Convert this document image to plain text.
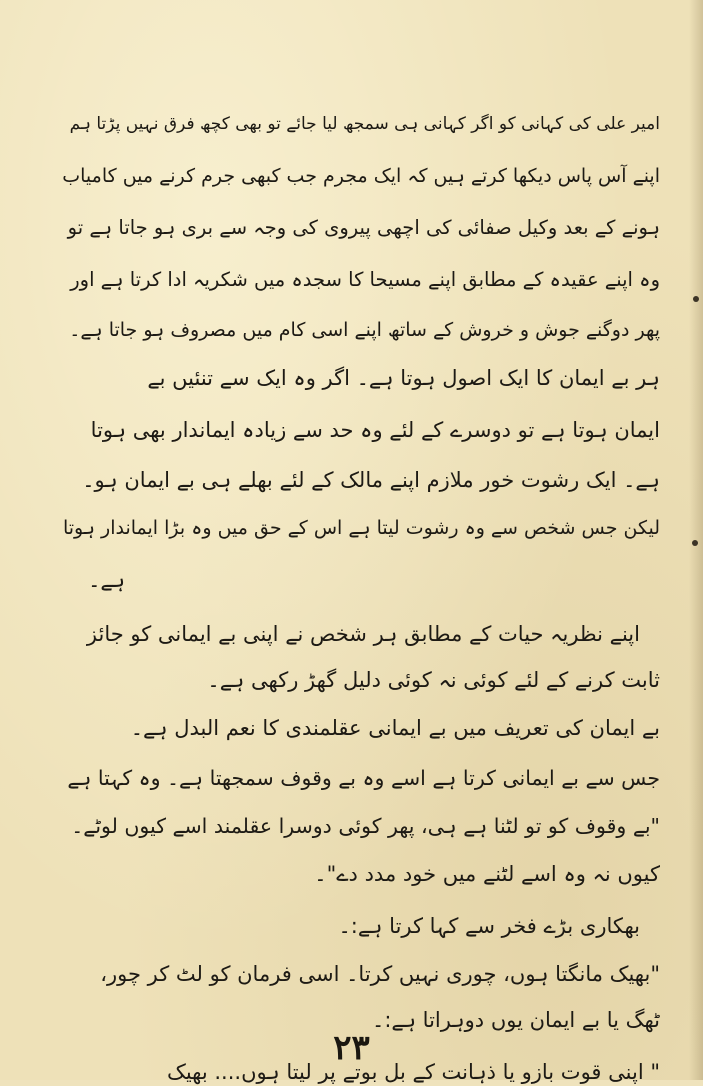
امیر علی کی کہانی کو اگر کہانی ہی سمجھ لیا جائے تو بھی کچھ فرق نہیں پڑتا ہم
اپنے آس پاس دیکھا کرتے ہیں کہ ایک مجرم جب کبھی جرم کرنے میں کامیاب
ہونے کے بعد وکیل صفائی کی اچھی پیروی کی وجہ سے بری ہو جاتا ہے تو
وہ اپنے عقیدہ کے مطابق اپنے مسیحا کا سجدہ میں شکریہ ادا کرتا ہے اور
پھر دوگنے جوش و خروش کے ساتھ اپنے اسی کام میں مصروف ہو جاتا ہے۔
ہر بے ایمان کا ایک اصول ہوتا ہے۔ اگر وہ ایک سے تنئیں بے
ایمان ہوتا ہے تو دوسرے کے لئے وہ حد سے زیادہ ایماندار بھی ہوتا
ہے۔ ایک رشوت خور ملازم اپنے مالک کے لئے بھلے ہی بے ایمان ہو۔
لیکن جس شخص سے وہ رشوت لیتا ہے اس کے حق میں وہ بڑا ایماندار ہوتا
ہے۔
اپنے نظریہ حیات کے مطابق ہر شخص نے اپنی بے ایمانی کو جائز
ثابت کرنے کے لئے کوئی نہ کوئی دلیل گھڑ رکھی ہے۔
بے ایمان کی تعریف میں بے ایمانی عقلمندی کا نعم البدل ہے۔
جس سے بے ایمانی کرتا ہے اسے وہ بے وقوف سمجھتا ہے۔ وہ کہتا ہے
"بے وقوف کو تو لٹنا ہے ہی، پھر کوئی دوسرا عقلمند اسے کیوں لوٹے۔
کیوں نہ وہ اسے لٹنے میں خود مدد دے"۔
بھکاری بڑے فخر سے کہا کرتا ہے:۔
"بھیک مانگتا ہوں، چوری نہیں کرتا۔ اسی فرمان کو لٹ کر چور،
ٹھگ یا بے ایمان یوں دوہراتا ہے:۔
" اپنی قوت بازو یا ذہانت کے بل بوتے پر لیتا ہوں.... بھیک
٢٣
